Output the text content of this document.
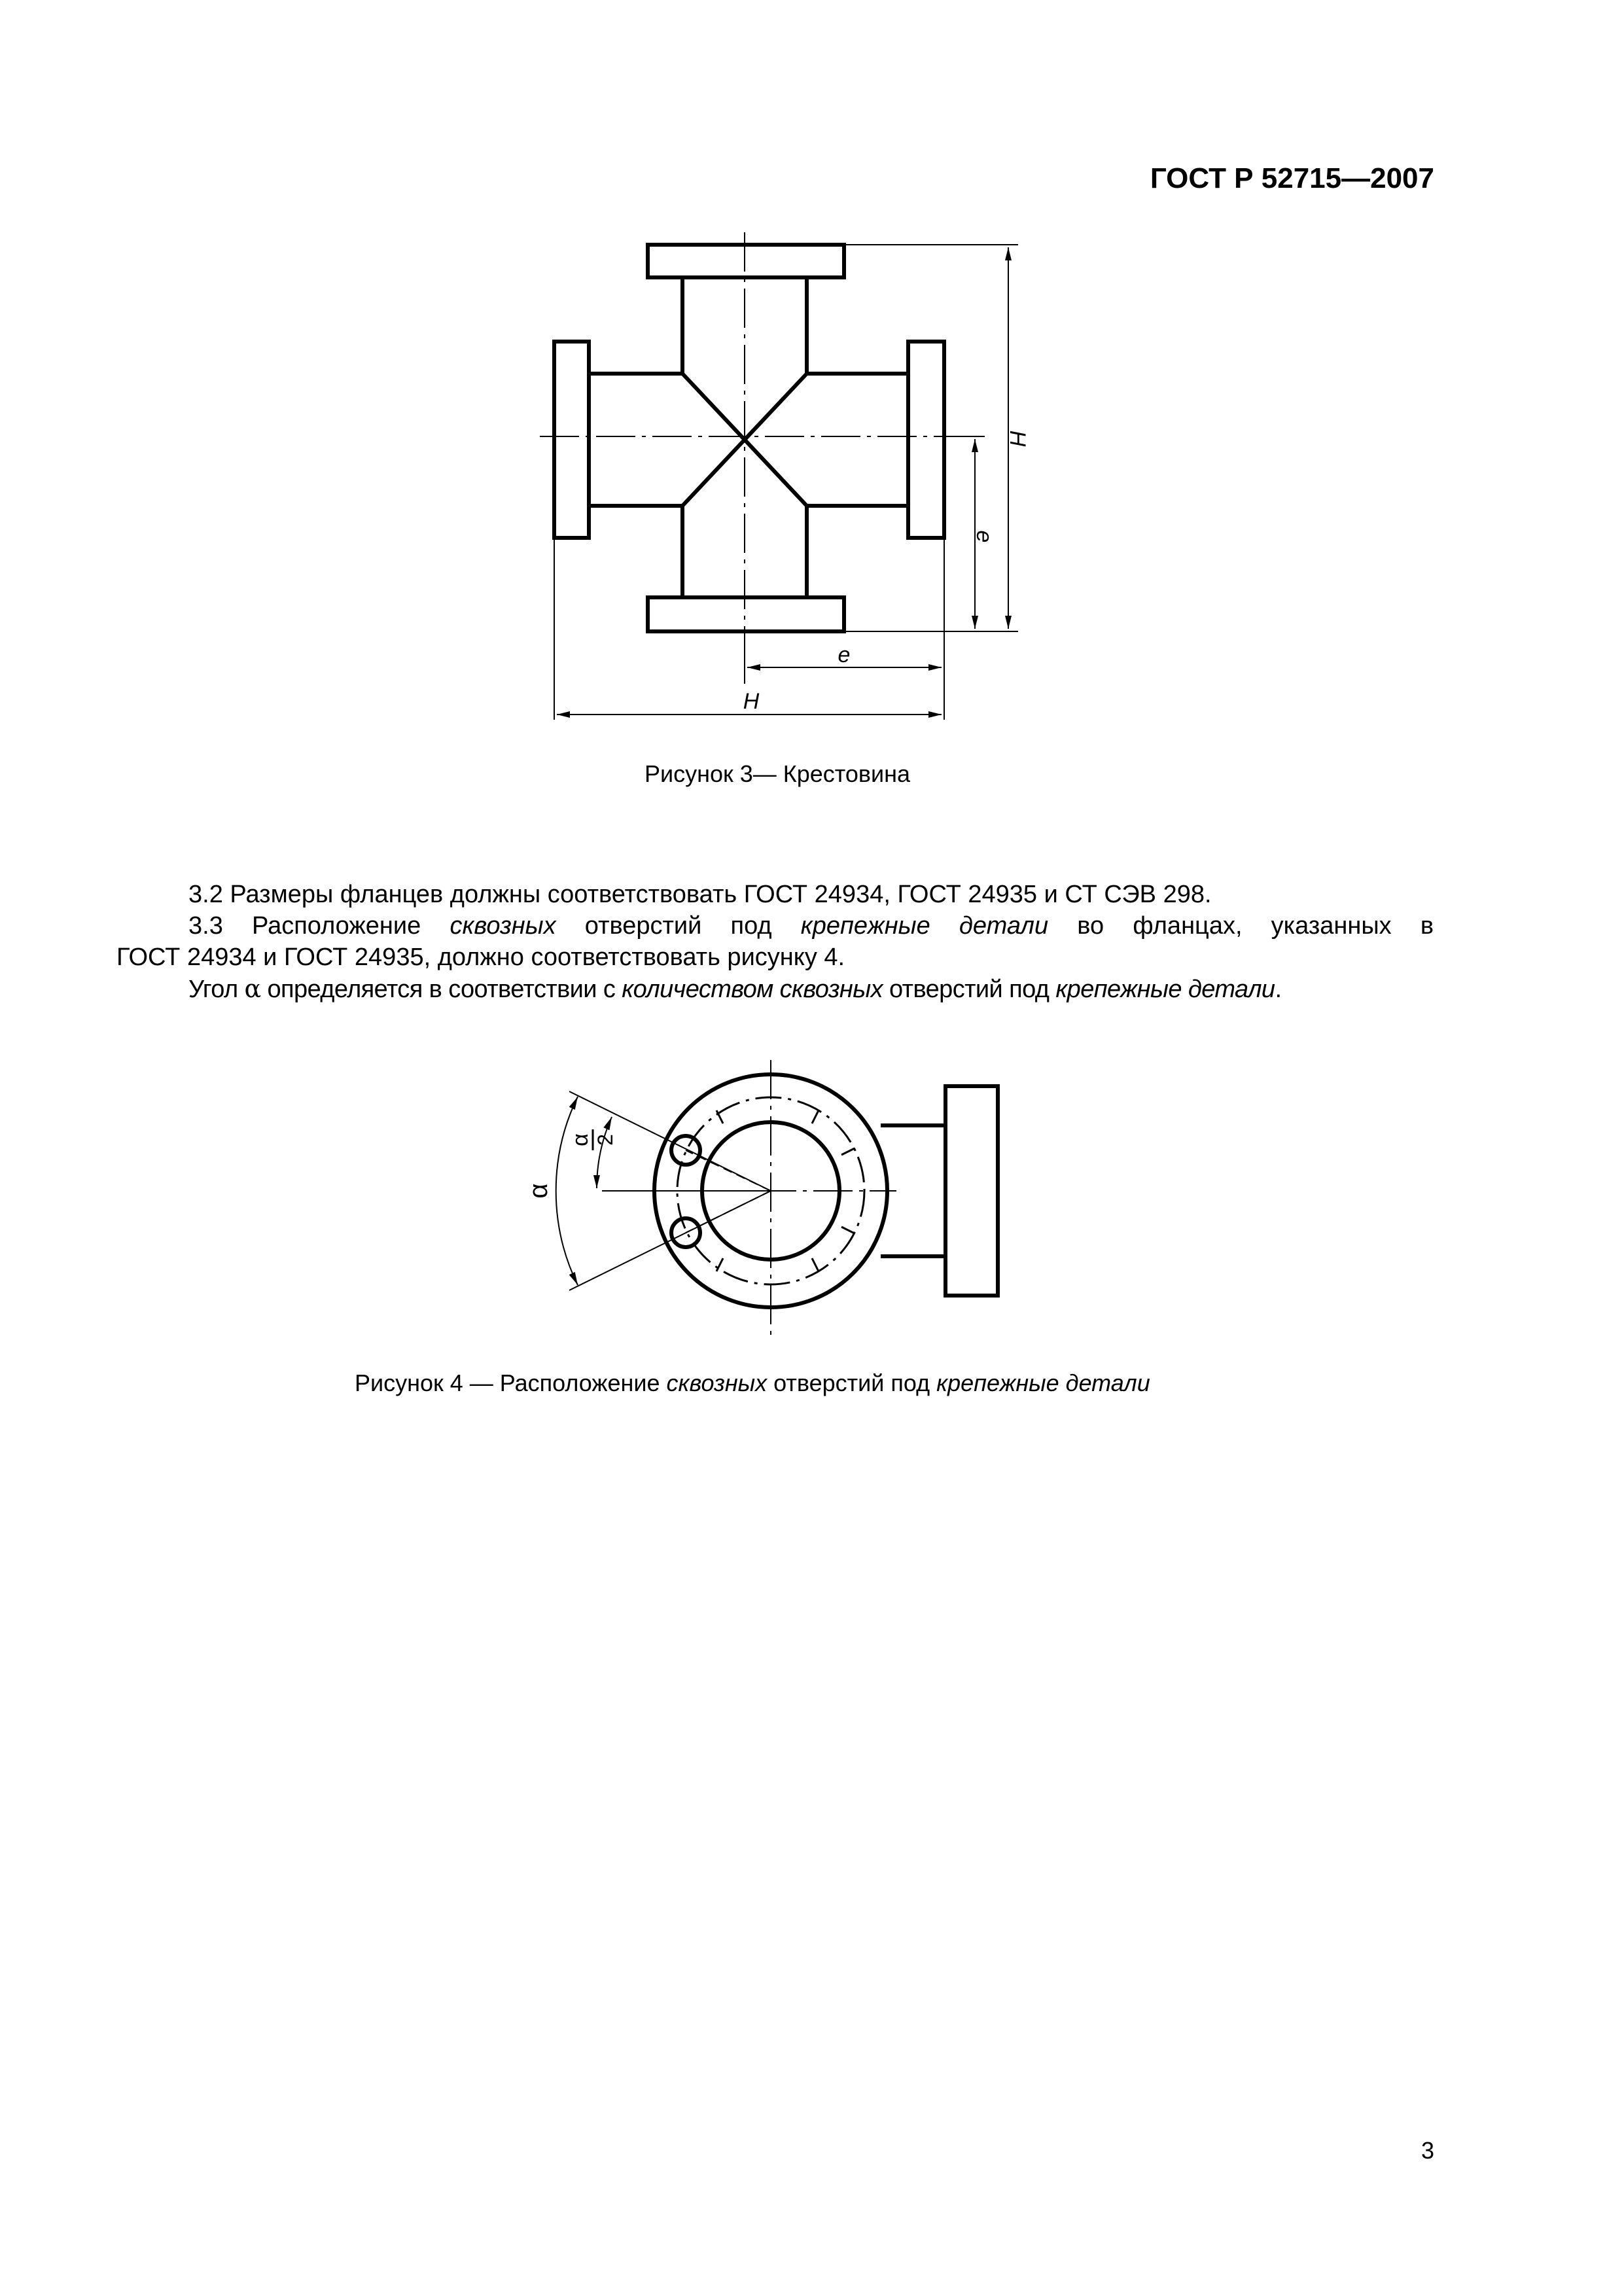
ГОСТ Р 52715—2007
H
e
e
H
Рисунок 3— Крестовина
3.2 Размеры фланцев должны соответствовать ГОСТ 24934, ГОСТ 24935 и СТ СЭВ 298.
3.3 Расположение сквозных отверстий под крепежные детали во фланцах, указанных в
ГОСТ 24934 и ГОСТ 24935, должно соответствовать рисунку 4.
Угол α определяется в соответствии с количеством сквозных отверстий под крепежные детали.
α
α 2
Рисунок 4 — Расположение сквозных отверстий под крепежные детали
3
